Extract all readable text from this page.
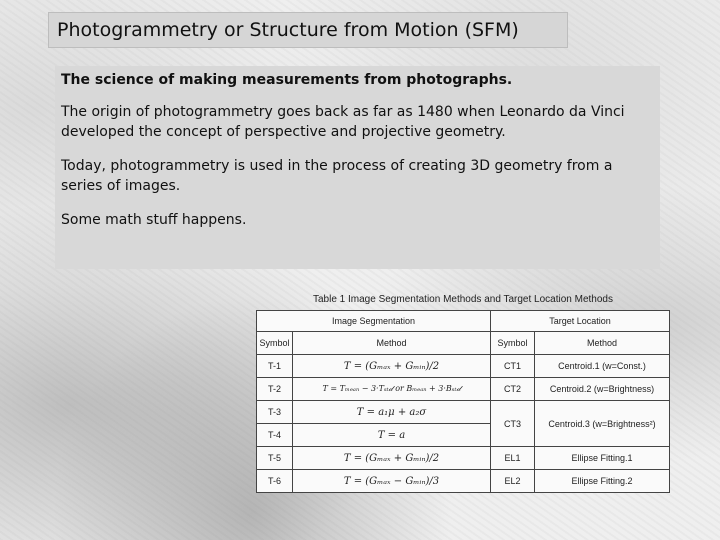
Photogrammetry or Structure from Motion (SFM)

The science of making measurements from photographs.

The origin of photogrammetry goes back as far as 1480 when Leonardo da Vinci developed the concept of perspective and projective geometry.

Today, photogrammetry is used in the process of creating 3D geometry from a series of images.

Some math stuff happens.

Table 1 Image Segmentation Methods and Target Location Methods
Image Segmentation		Target Location	
Symbol	Method	Symbol	Method
T-1	T = (Gₘₐₓ + Gₘᵢₙ)/2	CT1	Centroid.1 (w=Const.)
T-2	T = Tₘₑₐₙ − 3·Tₛₜ𝒹 or Bₘₑₐₙ + 3·Bₛₜ𝒹	CT2	Centroid.2 (w=Brightness)
T-3	T = a₁μ + a₂σ	CT3	Centroid.3 (w=Brightness²)
T-4	T = a		
T-5	T = (Gₘₐₓ + Gₘᵢₙ)/2	EL1	Ellipse Fitting.1
T-6	T = (Gₘₐₓ − Gₘᵢₙ)/3	EL2	Ellipse Fitting.2
